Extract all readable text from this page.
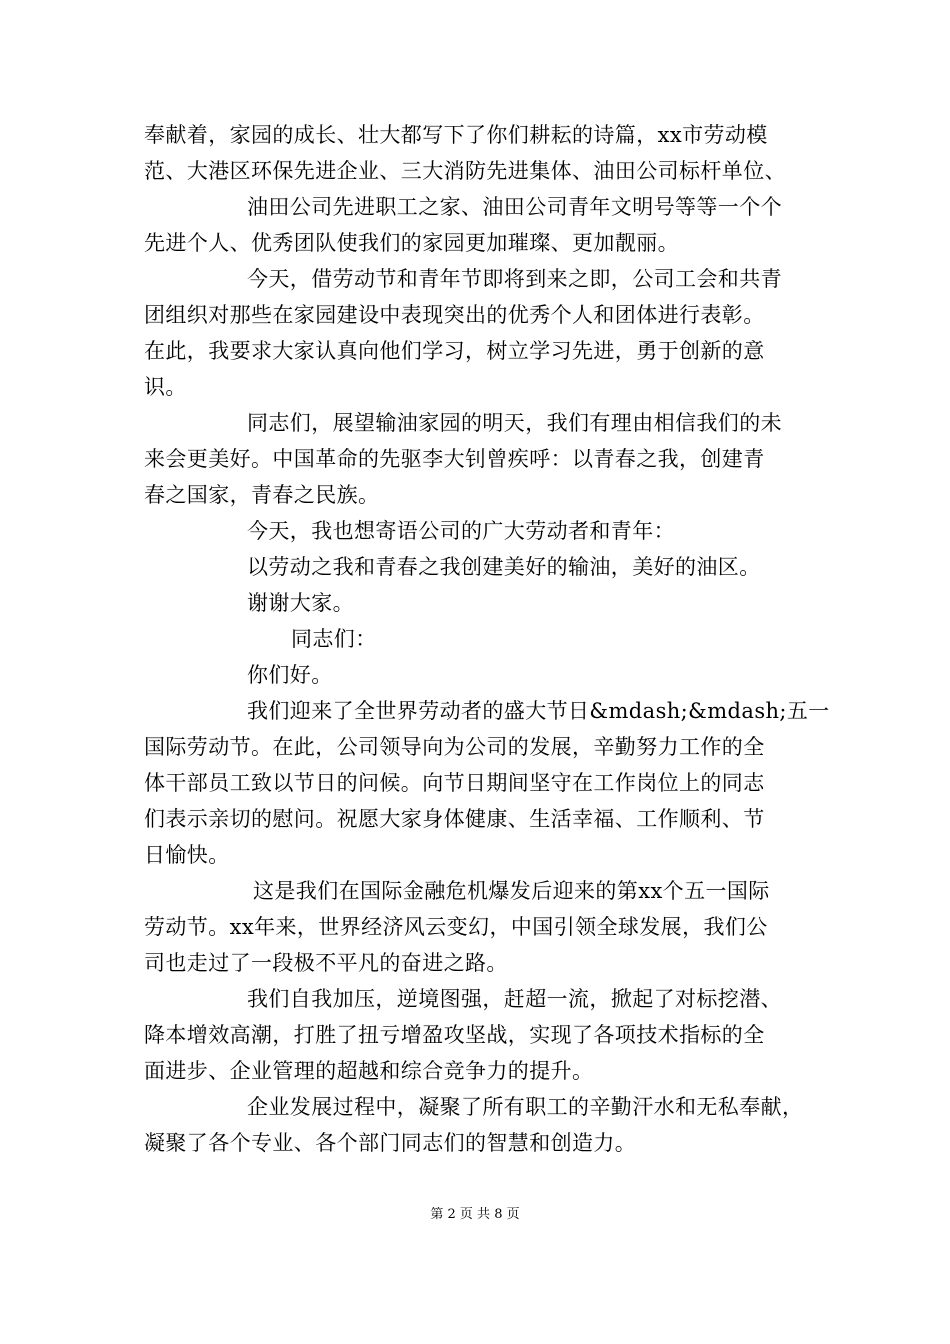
奉献着，家园的成长、壮大都写下了你们耕耘的诗篇，xx市劳动模
范、大港区环保先进企业、三大消防先进集体、油田公司标杆单位、
油田公司先进职工之家、油田公司青年文明号等等一个个
先进个人、优秀团队使我们的家园更加璀璨、更加靓丽。
今天，借劳动节和青年节即将到来之即，公司工会和共青
团组织对那些在家园建设中表现突出的优秀个人和团体进行表彰。
在此，我要求大家认真向他们学习，树立学习先进，勇于创新的意
识。
同志们，展望输油家园的明天，我们有理由相信我们的未
来会更美好。中国革命的先驱李大钊曾疾呼：以青春之我，创建青
春之国家，青春之民族。
今天，我也想寄语公司的广大劳动者和青年：
以劳动之我和青春之我创建美好的输油，美好的油区。
谢谢大家。
同志们：
你们好。
我们迎来了全世界劳动者的盛大节日&mdash;&mdash;五一
国际劳动节。在此，公司领导向为公司的发展，辛勤努力工作的全
体干部员工致以节日的问候。向节日期间坚守在工作岗位上的同志
们表示亲切的慰问。祝愿大家身体健康、生活幸福、工作顺利、节
日愉快。
这是我们在国际金融危机爆发后迎来的第xx个五一国际
劳动节。xx年来，世界经济风云变幻，中国引领全球发展，我们公
司也走过了一段极不平凡的奋进之路。
我们自我加压，逆境图强，赶超一流，掀起了对标挖潜、
降本增效高潮，打胜了扭亏增盈攻坚战，实现了各项技术指标的全
面进步、企业管理的超越和综合竞争力的提升。
企业发展过程中，凝聚了所有职工的辛勤汗水和无私奉献，
凝聚了各个专业、各个部门同志们的智慧和创造力。
第 2 页 共 8 页
